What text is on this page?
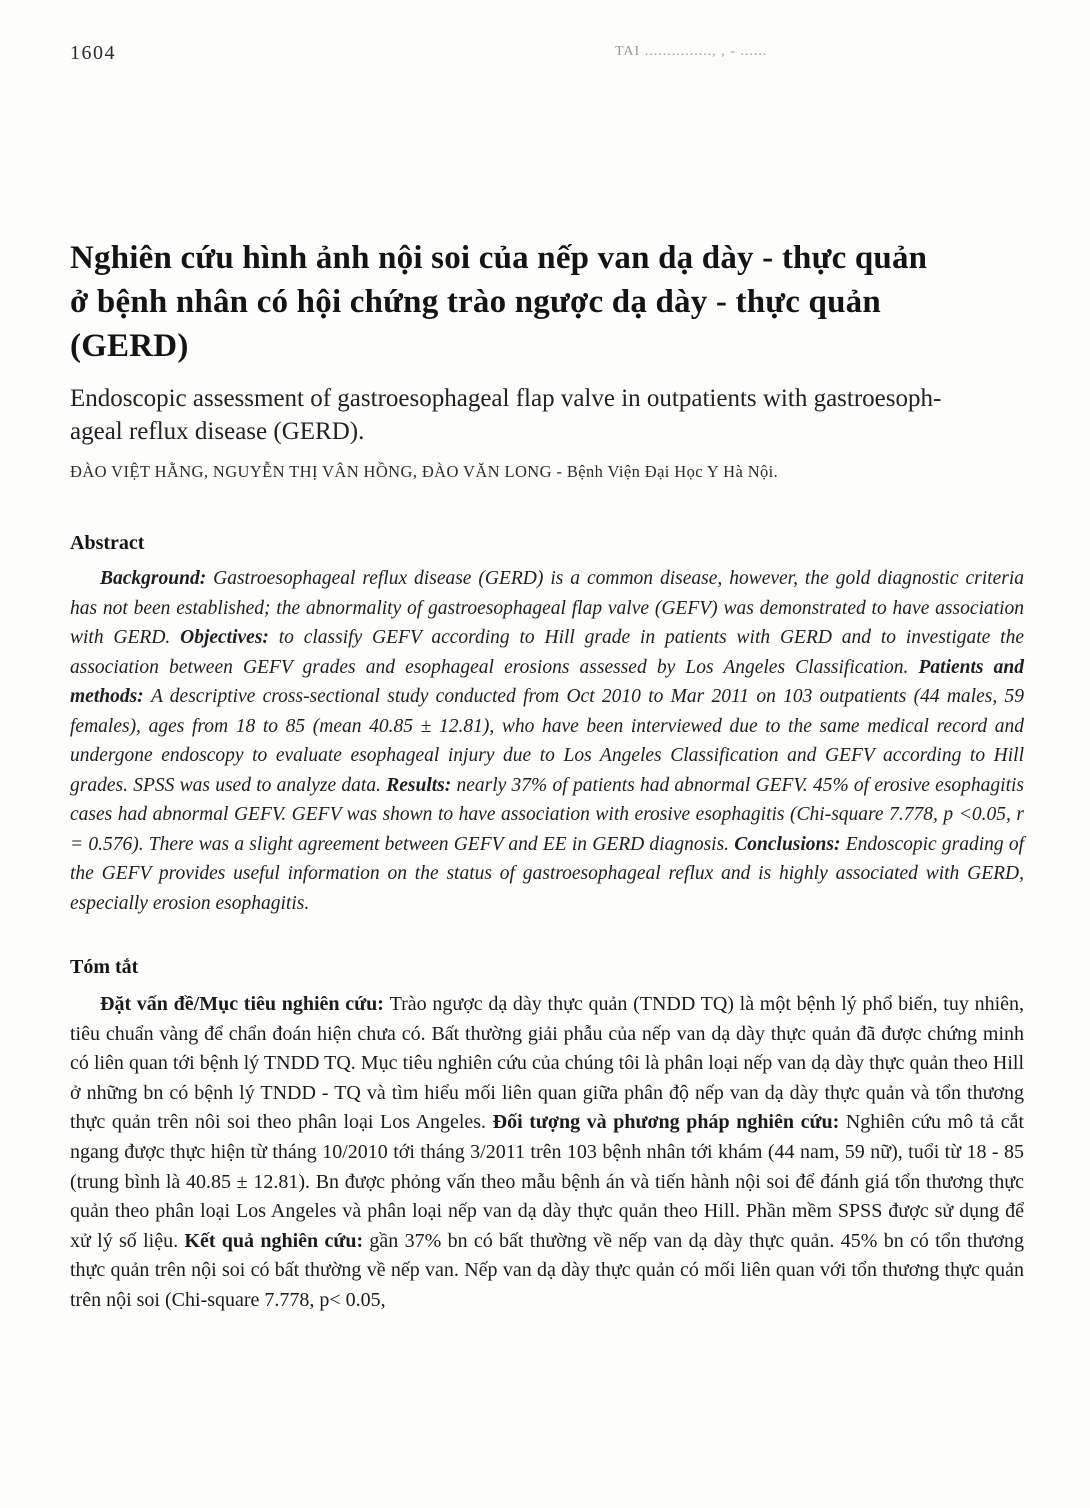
1604	TAI ..............., , - ......
Nghiên cứu hình ảnh nội soi của nếp van dạ dày - thực quản
ở bệnh nhân có hội chứng trào ngược dạ dày - thực quản
(GERD)

Endoscopic assessment of gastroesophageal flap valve in outpatients with gastroesoph-
ageal reflux disease (GERD).

ĐÀO VIỆT HẰNG, NGUYỄN THỊ VÂN HỒNG, ĐÀO VĂN LONG - Bệnh Viện Đại Học Y Hà Nội.

Abstract

Background: Gastroesophageal reflux disease (GERD) is a common disease, however, the gold diagnostic criteria has not been established; the abnormality of gastroesophageal flap valve (GEFV) was demonstrated to have association with GERD. Objectives: to classify GEFV according to Hill grade in patients with GERD and to investigate the association between GEFV grades and esophageal erosions assessed by Los Angeles Classification. Patients and methods: A descriptive cross-sectional study conducted from Oct 2010 to Mar 2011 on 103 outpatients (44 males, 59 females), ages from 18 to 85 (mean 40.85 ± 12.81), who have been interviewed due to the same medical record and undergone endoscopy to evaluate esophageal injury due to Los Angeles Classification and GEFV according to Hill grades. SPSS was used to analyze data. Results: nearly 37% of patients had abnormal GEFV. 45% of erosive esophagitis cases had abnormal GEFV. GEFV was shown to have association with erosive esophagitis (Chi-square 7.778, p <0.05, r = 0.576). There was a slight agreement between GEFV and EE in GERD diagnosis. Conclusions: Endoscopic grading of the GEFV provides useful information on the status of gastroesophageal reflux and is highly associated with GERD, especially erosion esophagitis.

Tóm tắt

Đặt vấn đề/Mục tiêu nghiên cứu: Trào ngược dạ dày thực quản (TNDD TQ) là một bệnh lý phổ biến, tuy nhiên, tiêu chuẩn vàng để chẩn đoán hiện chưa có. Bất thường giải phẫu của nếp van dạ dày thực quản đã được chứng minh có liên quan tới bệnh lý TNDD TQ. Mục tiêu nghiên cứu của chúng tôi là phân loại nếp van dạ dày thực quản theo Hill ở những bn có bệnh lý TNDD - TQ và tìm hiểu mối liên quan giữa phân độ nếp van dạ dày thực quản và tổn thương thực quản trên nôi soi theo phân loại Los Angeles. Đối tượng và phương pháp nghiên cứu: Nghiên cứu mô tả cắt ngang được thực hiện từ tháng 10/2010 tới tháng 3/2011 trên 103 bệnh nhân tới khám (44 nam, 59 nữ), tuổi từ 18 - 85 (trung bình là 40.85 ± 12.81). Bn được phỏng vấn theo mẫu bệnh án và tiến hành nội soi để đánh giá tổn thương thực quản theo phân loại Los Angeles và phân loại nếp van dạ dày thực quản theo Hill. Phần mềm SPSS được sử dụng để xử lý số liệu. Kết quả nghiên cứu: gần 37% bn có bất thường về nếp van dạ dày thực quản. 45% bn có tổn thương thực quản trên nội soi có bất thường về nếp van. Nếp van dạ dày thực quản có mối liên quan với tổn thương thực quản trên nội soi (Chi-square 7.778, p< 0.05,
